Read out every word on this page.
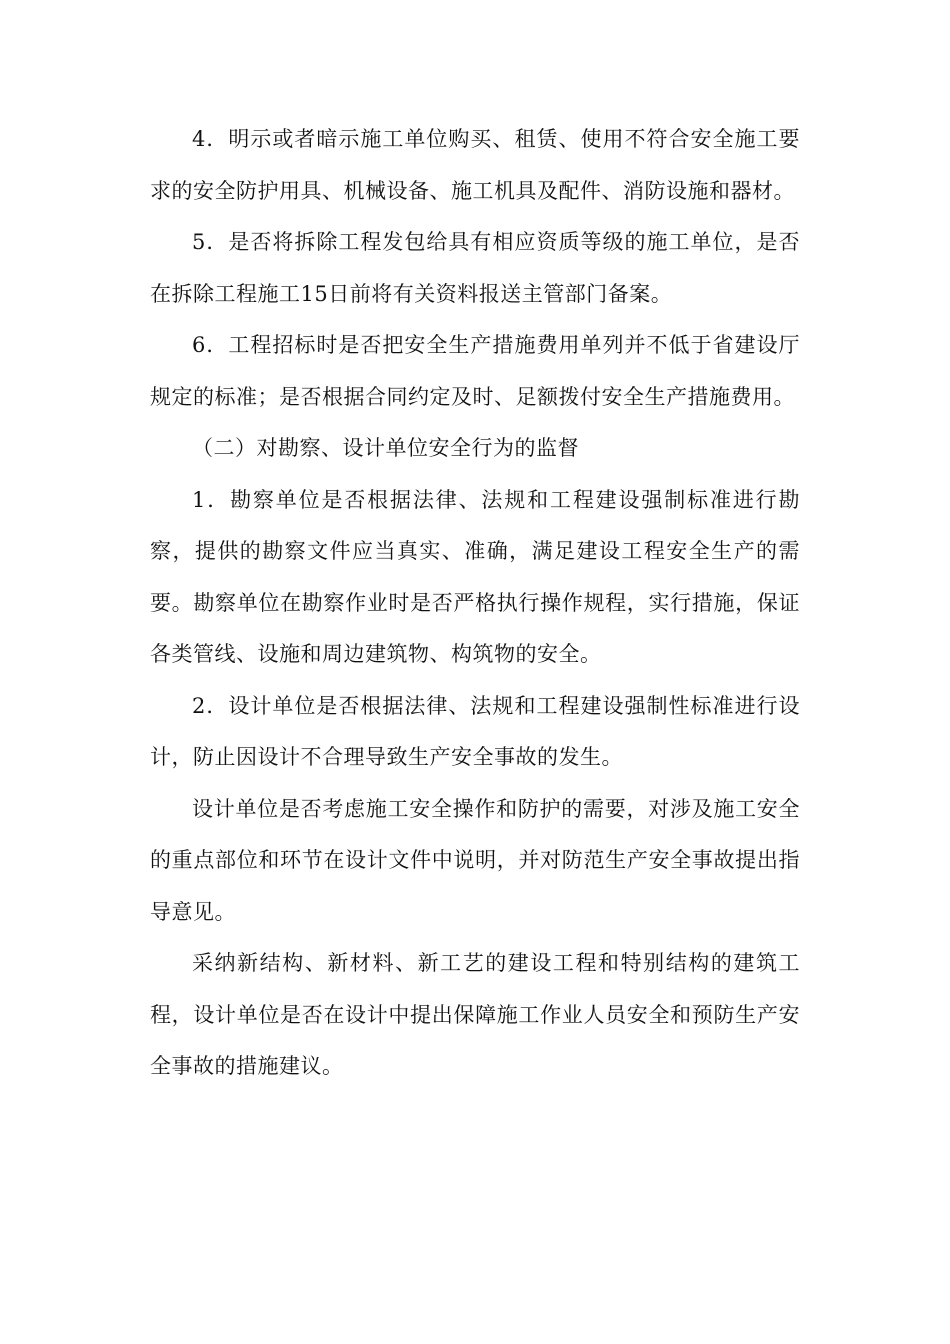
4．明示或者暗示施工单位购买、租赁、使用不符合安全施工要求的安全防护用具、机械设备、施工机具及配件、消防设施和器材。

5．是否将拆除工程发包给具有相应资质等级的施工单位，是否在拆除工程施工15日前将有关资料报送主管部门备案。

6．工程招标时是否把安全生产措施费用单列并不低于省建设厅规定的标准；是否根据合同约定及时、足额拨付安全生产措施费用。

（二）对勘察、设计单位安全行为的监督

1．勘察单位是否根据法律、法规和工程建设强制标准进行勘察，提供的勘察文件应当真实、准确，满足建设工程安全生产的需要。勘察单位在勘察作业时是否严格执行操作规程，实行措施，保证各类管线、设施和周边建筑物、构筑物的安全。

2．设计单位是否根据法律、法规和工程建设强制性标准进行设计，防止因设计不合理导致生产安全事故的发生。

设计单位是否考虑施工安全操作和防护的需要，对涉及施工安全的重点部位和环节在设计文件中说明，并对防范生产安全事故提出指导意见。

采纳新结构、新材料、新工艺的建设工程和特别结构的建筑工程，设计单位是否在设计中提出保障施工作业人员安全和预防生产安全事故的措施建议。
